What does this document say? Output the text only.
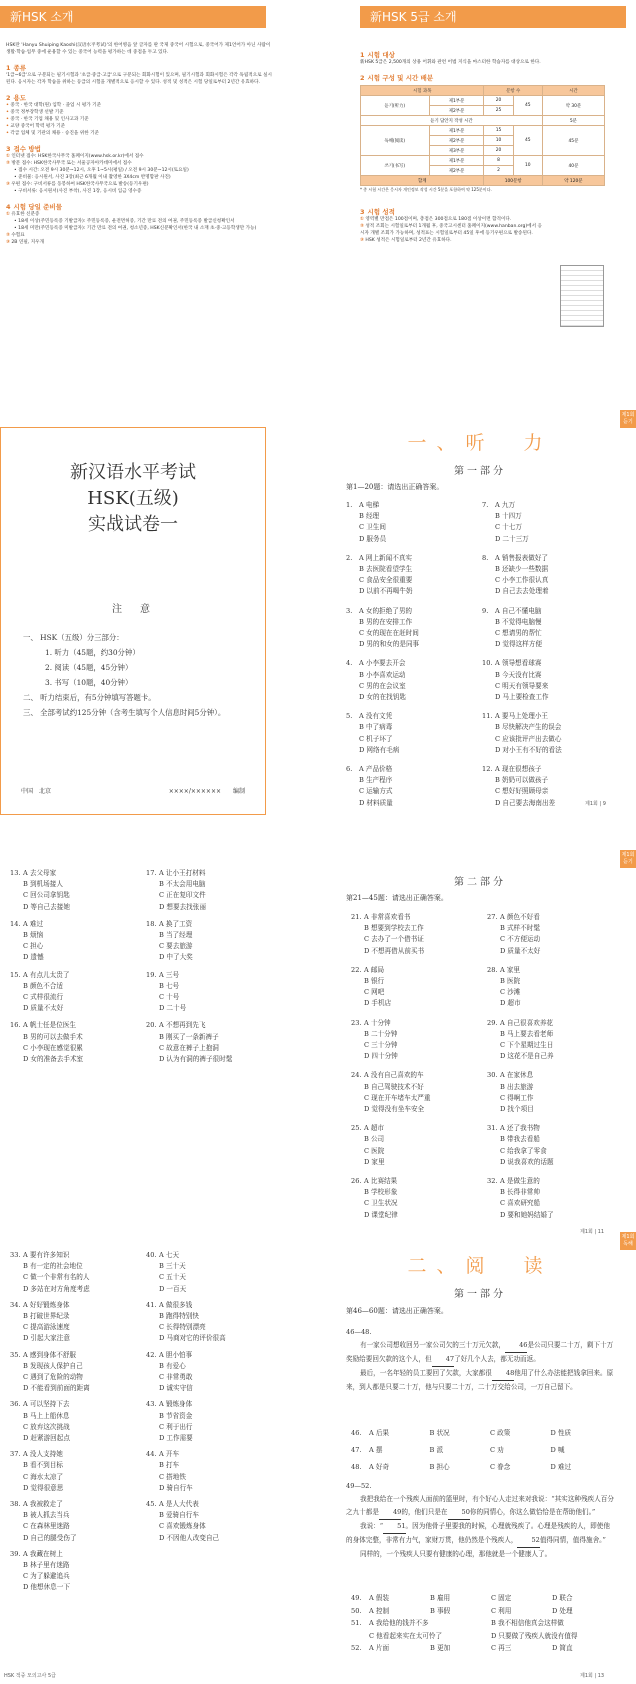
新HSK 소개	新HSK 5급 소개
HSK란 'Hanyu Shuiping Kaoshi(汉语水平考试)'의 한어병음 앞 글자를 딴 국제 중국어 시험으로, 중국어가 제1언어가 아닌 사람이 생활·학습·업무 중에 운용할 수 있는 중국어 능력을 평가하는 데 중점을 두고 있다.
1 종류
'1급~6급'으로 구분되는 필기시험과 '초급·중급·고급'으로 구분되는 회화시험이 있으며, 필기시험과 회화시험은 각각 독립적으로 실시된다. 응시자는 각자 학습을 위하는 등급의 시험을 개별적으로 응시할 수 있다. 성적 및 성적은 시험 당일로부터 2년간 유효하다.
2 용도
• 중국 · 한국 대학(원) 입학 · 졸업 시 평가 기준
• 중국 정부장학생 선발 기준
• 중국 · 한국 기업 채용 및 인사고과 기준
• 교양 중국어 학력 평가 기준
• 각급 업체 및 기관의 채용 · 승진을 위한 기준
3 접수 방법
① 인터넷 접수: HSK한국사무국 홈페이지(www.hsk.or.kr)에서 접수
② 방문 접수: HSK한국사무국 또는 서울공자아카데미에서 접수
• 접수 시간: 오전 9시 30분~12시, 오후 1~5시(평일) / 오전 9시 30분~12시(토요일)
• 준비물: 응시원서, 사진 3장(최근 6개월 이내 촬영한 3X4cm 반명함판 사진)
③ 우편 접수: 구비서류를 동봉하여 HSK한국사무국으로 발송(등기우편)
• 구비서류: 응시원서(사진 부착), 사진 1장, 응시비 입금 영수증
4 시험 당일 준비물
① 유효한 신분증
• 18세 이상(주민등록증 기발급자): 주민등록증, 운전면허증, 기간 만료 전의 여권, 주민등록증 발급신청확인서
• 18세 미만(주민등록증 미발급자): 기간 만료 전의 여권, 청소년증, HSK신분확인서(한국 내 소재 초·중·고등학생만 가능)
② 수험표
③ 2B 연필, 지우개
1 시험 대상
新HSK 5급은 2,500개의 상용 어휘와 관련 어법 지식을 마스터한 학습자를 대상으로 한다.
2 시험 구성 및 시간 배분
시험 과목		문항 수		시간
듣기(听力)	제1부분	20	45	약 30분
	제2부분	25		
듣기 답안지 작성 시간				5분
독해(阅读)	제1부분	15	45	45분
	제2부분	10		
	제3부분	20		
쓰기(书写)	제1부분	8	10	40분
	제2부분	2		
합계		100문항		약 120분
* 총 시험 시간은 응시자 개인정보 작성 시간 5분을 포함하여 약 125분이다.
3 시험 성적
① 영역별 만점은 100점이며, 총점은 300점으로 180점 이상이면 합격이다.
② 성적 조회는 시험일로부터 1개월 후, 중국고시센터 홈페이지(www.hanban.org)에서 응시자 개별 조회가 가능하며, 성적표는 시험일로부터 45일 후에 등기우편으로 발송된다.
③ HSK 성적은 시험일로부터 2년간 유효하다.
新汉语水平考试
HSK(五级)
实战试卷一
注　意
一、 HSK（五级）分三部分：
1. 听力（45题，约30分钟）
2. 阅读（45题，45分钟）
3. 书写（10题，40分钟）
二、 听力结束后，有5分钟填写答题卡。
三、 全部考试约125分钟（含考生填写个人信息时间5分钟）。
中国　北京	××××/××××××　　编制
제1회
듣기
一、听　力
第一部分
第1—20题：请选出正确答案。
1. A 电梯
B 经理
C 卫生间
D 服务员
2. A 网上新闻不真实
B 去医院看望学生
C 食品安全很重要
D 以前不再喝牛奶
3. A 女的拒绝了男的
B 男的在安排工作
C 女的现在在赶时间
D 男的和女的是同事
4. A 小李要去开会
B 小李喜欢运动
C 男的在会议室
D 女的在找钥匙
5. A 没有文凭
B 中了病毒
C 机子坏了
D 网络有毛病
6. A 产品价格
B 生产程序
C 运输方式
D 材料质量
7. A 九万
B 十四万
C 十七万
D 二十三万
8. A 销售报表做好了
B 还缺少一些数据
C 小李工作很认真
D 自己去去处理着
9. A 自己不懂电脑
B 不觉得电脑慢
C 想请男的帮忙
D 觉得这样方便
10. A 领导想看球赛
B 今天没有比赛
C 明天有领导要来
D 马上要检查工作
11. A 要马上处理小王
B 尽快解决产生的误会
C 应该批评产出去做心
D 对小王有不好的看法
12. A 现在很想孩子
B 奶奶可以做孩子
C 想好好照顾母亲
D 自己要去海南出差	제1회 | 9
제1회
듣기
13. A 去父母家
B 到机场接人
C 回公司拿钥匙
D 等自己去接她
14. A 难过
B 烦恼
C 担心
D 遗憾
15. A 有点儿太贵了
B 颜色不合适
C 式样很流行
D 质量不太好
16. A 帆士任是位医生
B 男的可以去做手术
C 小李现在感觉很累
D 女的准备去手术室
17. A 让小王打材料
B 不太会用电脑
C 正在复印文件
D 想要去找张丽
18. A 换了工资
B 当了经理
C 要去旅游
D 中了大奖
19. A 三号
B 七号
C 十号
D 二十号
20. A 不想再到先飞
B 刚买了一条新裤子
C 故意在裤子上抱洞
D 认为有洞的裤子很时髦
第二部分
第21—45题：请选出正确答案。
21. A 非常喜欢看书
B 想要到学校去工作
C 去办了一个借书证
D 不想再借从前买书
22. A 邮局
B 银行
C 网吧
D 手机店
23. A 十分钟
B 二十分钟
C 三十分钟
D 四十分钟
24. A 没有自己喜欢的车
B 自己驾驶技术不好
C 现在开车堵车太严重
D 觉得没有坐车安全
25. A 超市
B 公司
C 医院
D 家里
26. A 比赛结果
B 学校形象
C 卫生状况
D 课堂纪律
27. A 颜色不好看
B 式样不时髦
C 不方便运动
D 质量不太好
28. A 家里
B 医院
C 沙滩
D 超市
29. A 自己很喜欢养花
B 马上要去看老师
C 下个星期过生日
D 这花不是自己养
30. A 在家休息
B 出去旅游
C 得啊工作
D 找个项目
31. A 还了我书物
B 带我去看船
C 给我拿了零食
D 说我喜欢的话题
32. A 是做生意的
B 长得非常帅
C 喜欢研究船
D 要和她妈结婚了
제1회 | 11
제1회
독해
33. A 要有许多知识
B 有一定的社会地位
C 做一个非常有名的人
D 多站在对方角度考虑
34. A 好好锻炼身体
B 打破世界纪录
C 提高游泳速度
D 引起大家注意
35. A 感到身体不舒服
B 发现孩人保护自己
C 遇到了危险的动物
D 不能看到前面的距离
36. A 可以坚持下去
B 马上上船休息
C 放弃这次挑战
D 赶紧游回起点
37. A 没人支持她
B 看不到目标
C 海水太凉了
D 觉得很意思
38. A 我被救走了
B 被人抓去当兵
C 在森林里迷路
D 自己的腿受伤了
39. A 我藏在树上
B 林子里有迷路
C 为了躲避追兵
D 他想休息一下
40. A 七天
B 三十天
C 五十天
D 一百天
41. A 做很多钱
B 跑得特别快
C 长得特别漂亮
D 马商对它的评价很高
42. A 胆小怕事
B 有爱心
C 非常勇敢
D 诚实守信
43. A 锻炼身体
B 节省资金
C 利于出行
D 工作需要
44. A 开车
B 打车
C 搭地铁
D 骑自行车
45. A 是人大代表
B 爱骑自行车
C 喜欢锻炼身体
D 不因他人改变自己
二、阅　读
第一部分
第46—60题：请选出正确答案。
46—48.
有一家公司想收回另一家公司欠的三十万元欠款， 46是公司只要二十万，剩下十万奖励给要回欠款的这个人，但 47了好几个人去，都无功而返。
最后，一名年轻的员工要回了欠款，大家都很 48他用了什么办法能把钱拿回来。原来，到人都是只要二十万，他与只要二十万，二十万交给公司，一万自己留下。
46.	A 后果	B 状况	C 政策	D 性质
47.	A 摆	B 派	C 劝	D 喊
48.	A 好奇	B 担心	C 眷念	D 难过
49—52.
我把我给在一个残疾人面前的篮里时，有个好心人走过来对我说：“其实这种残疾人百分之九十都是 49的，他们只是在 50你的同情心，你这么做恰恰是在帮助他们。”
我说：“ 51。因为他骨子里要我的时候，心理就残疾了。心理是残疾的人，即使他的身体完整，非常有力气，家财万贯，他仍然是个残疾人， 52值得同情，值得施舍。”
同样的，一个残疾人只要有健康的心理，那他就是一个健康人了。
49.	A 假装	B 雇用	C 固定	D 联合
50.	A 控制	B 事假	C 利用	D 处理
51.	A 我给他的钱并不多	B 我不相信他真会这样做
C 他看起来实在太可怜了	D 只要做了残疾人就没有值得
52.	A 片面	B 更加	C 再三	D 简直
HSK 적중 모의고사 5급	제1회 | 13
